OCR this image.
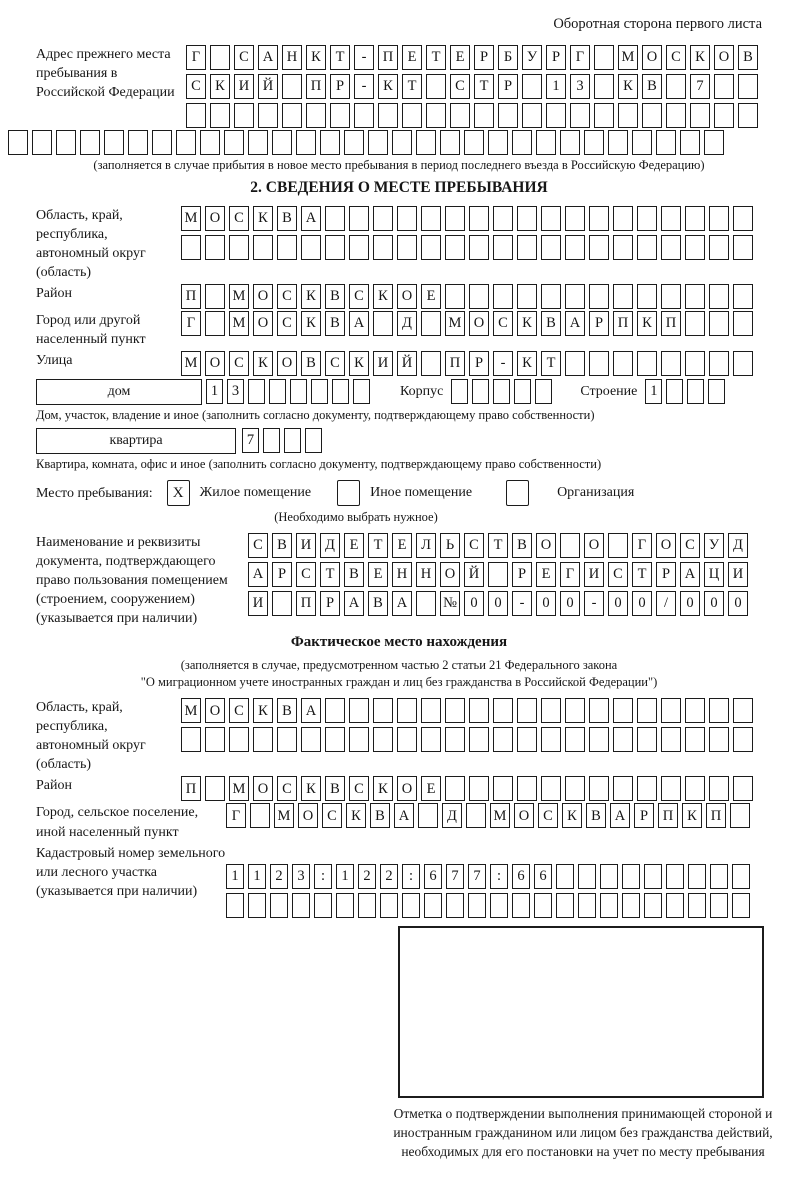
Оборотная сторона первого листа
Адрес прежнего места пребывания в Российской Федерации
Г	С А Н К	Т	-	П Е	Т	Е	Р	Б	У	Р	Г	М О С К О В
С К И Й	П	Р	-	К	Т	С	Т	Р	1	3	К В	7
(заполняется в случае прибытия в новое место пребывания в период последнего въезда в Российскую Федерацию)
2. СВЕДЕНИЯ О МЕСТЕ ПРЕБЫВАНИЯ
Область, край, республика, автономный округ (область)
М О С К В А
Район	П	М О С К В С К О Е
Город или другой населенный пункт
Г	М О С К В А	Д	М О С К В А	Р	П К П
Улица	М О С К О В С К И Й	П	Р	-	К	Т
дом	1 3	Корпус	Строение 1
Дом, участок, владение и иное (заполнить согласно документу, подтверждающему право собственности)
квартира	7
Квартира, комната, офис и иное (заполнить согласно документу, подтверждающему право собственности)
Место пребывания:	X	Жилое помещение	Иное помещение	Организация
(Необходимо выбрать нужное)
Наименование и реквизиты документа, подтверждающего право пользования помещением (строением, сооружением) (указывается при наличии)
С В И Д	Е	Т	Е	Л	Ь	С	Т	В О	О	Г	О С У Д
А	Р	С	Т	В	Е Н Н О Й	Р	Е	Г	И С	Т	Р	А Ц И
И	П	Р	А В А	№ 0	0	-	0	0	-	0	0	/	0	0	0
Фактическое место нахождения
(заполняется в случае, предусмотренном частью 2 статьи 21 Федерального закона
"О миграционном учете иностранных граждан и лиц без гражданства в Российской Федерации")
Область, край, республика, автономный округ (область)
М О С К В А
Район	П	М О С К В С К О Е
Город, сельское поселение, иной населенный пункт
Г	М О С К В А	Д	М О С К В А	Р	П К П
Кадастровый номер земельного или лесного участка (указывается при наличии)
1	1	2	3	:	1	2	2	:	6	7	7	:	6	6
Отметка о подтверждении выполнения принимающей стороной и иностранным гражданином или лицом без гражданства действий, необходимых для его постановки на учет по месту пребывания
